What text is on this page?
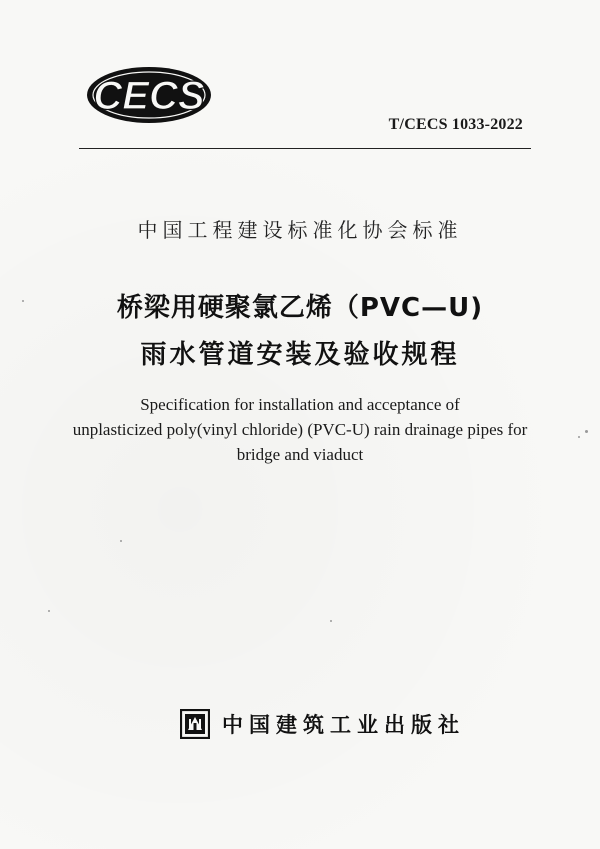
CECS
T/CECS 1033-2022
中国工程建设标准化协会标准
桥梁用硬聚氯乙烯（PVC—U)
雨水管道安装及验收规程
Specification for installation and acceptance of
unplasticized poly(vinyl chloride) (PVC-U) rain drainage pipes for
bridge and viaduct
中国建筑工业出版社
